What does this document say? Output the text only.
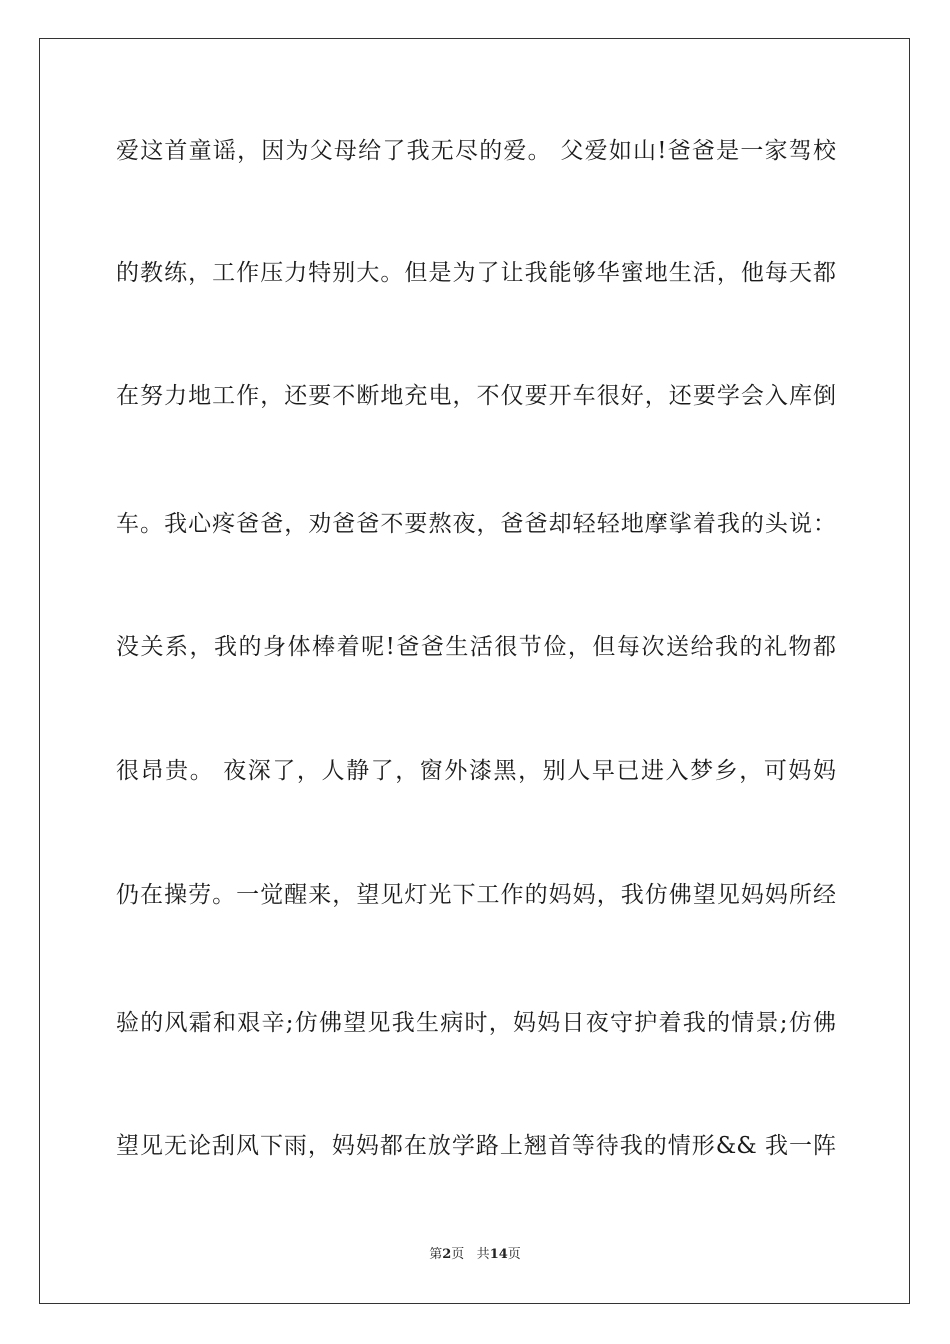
爱这首童谣，因为父母给了我无尽的爱。 父爱如山!爸爸是一家驾校
的教练，工作压力特别大。但是为了让我能够华蜜地生活，他每天都
在努力地工作，还要不断地充电，不仅要开车很好，还要学会入库倒
车。我心疼爸爸，劝爸爸不要熬夜，爸爸却轻轻地摩挲着我的头说：
没关系，我的身体棒着呢!爸爸生活很节俭，但每次送给我的礼物都
很昂贵。 夜深了，人静了，窗外漆黑，别人早已进入梦乡，可妈妈
仍在操劳。一觉醒来，望见灯光下工作的妈妈，我仿佛望见妈妈所经
验的风霜和艰辛;仿佛望见我生病时，妈妈日夜守护着我的情景;仿佛
望见无论刮风下雨，妈妈都在放学路上翘首等待我的情形&& 我一阵
第2页 共14页
